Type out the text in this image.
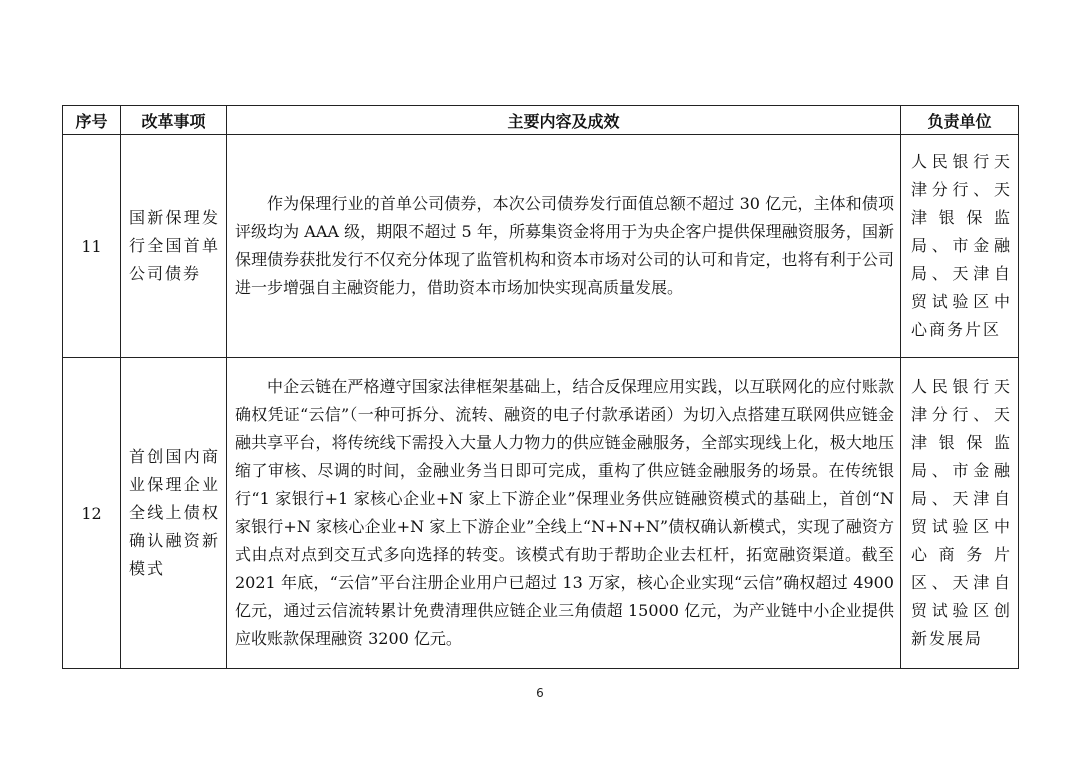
序号	改革事项	主要内容及成效	负责单位
11	国新保理发行全国首单公司债券	作为保理行业的首单公司债券，本次公司债券发行面值总额不超过 30 亿元，主体和债项评级均为 AAA 级，期限不超过 5 年，所募集资金将用于为央企客户提供保理融资服务，国新保理债券获批发行不仅充分体现了监管机构和资本市场对公司的认可和肯定，也将有利于公司进一步增强自主融资能力，借助资本市场加快实现高质量发展。	人民银行天津分行、天津银保监局、市金融局、天津自贸试验区中心商务片区

12	首创国内商业保理企业全线上债权确认融资新模式	中企云链在严格遵守国家法律框架基础上，结合反保理应用实践，以互联网化的应付账款确权凭证“云信”（一种可拆分、流转、融资的电子付款承诺函）为切入点搭建互联网供应链金融共享平台，将传统线下需投入大量人力物力的供应链金融服务，全部实现线上化，极大地压缩了审核、尽调的时间，金融业务当日即可完成，重构了供应链金融服务的场景。在传统银行“1 家银行+1 家核心企业+N 家上下游企业”保理业务供应链融资模式的基础上，首创“N 家银行+N 家核心企业+N 家上下游企业”全线上“N+N+N”债权确认新模式，实现了融资方式由点对点到交互式多向选择的转变。该模式有助于帮助企业去杠杆，拓宽融资渠道。截至 2021 年底，“云信”平台注册企业用户已超过 13 万家，核心企业实现“云信”确权超过 4900 亿元，通过云信流转累计免费清理供应链企业三角债超 15000 亿元，为产业链中小企业提供应收账款保理融资 3200 亿元。	人民银行天津分行、天津银保监局、市金融局、天津自贸试验区中心商务片区、天津自贸试验区创新发展局
6
